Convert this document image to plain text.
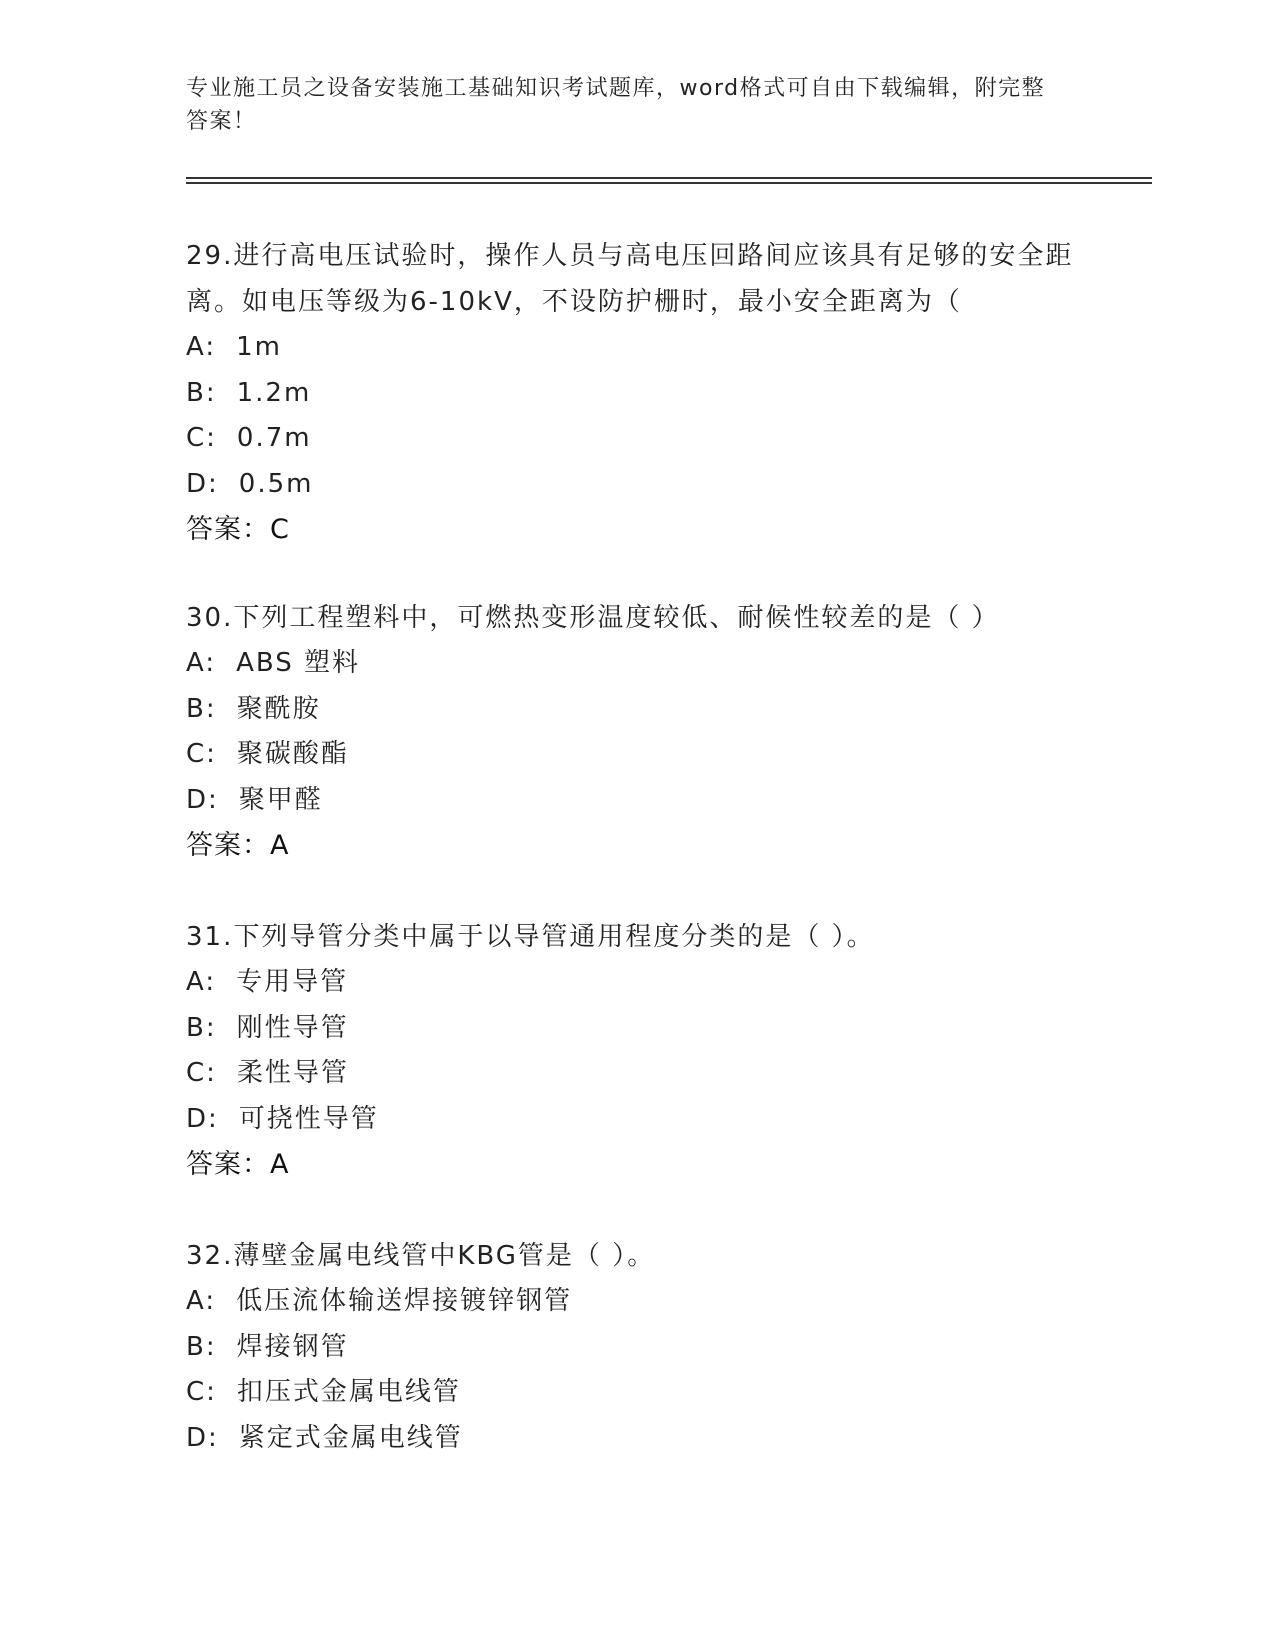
专业施工员之设备安装施工基础知识考试题库，word格式可自由下载编辑，附完整答案！

29.进行高电压试验时，操作人员与高电压回路间应该具有足够的安全距离。如电压等级为6-10kV，不设防护栅时，最小安全距离为（

A: 1m
B: 1.2m
C: 0.7m
D: 0.5m
答案：C

30.下列工程塑料中，可燃热变形温度较低、耐候性较差的是（ ）

A: ABS 塑料
B: 聚酰胺
C: 聚碳酸酯
D: 聚甲醛
答案：A

31.下列导管分类中属于以导管通用程度分类的是（ ）。

A: 专用导管
B: 刚性导管
C: 柔性导管
D: 可挠性导管
答案：A

32.薄壁金属电线管中KBG管是（ ）。

A: 低压流体输送焊接镀锌钢管
B: 焊接钢管
C: 扣压式金属电线管
D: 紧定式金属电线管
